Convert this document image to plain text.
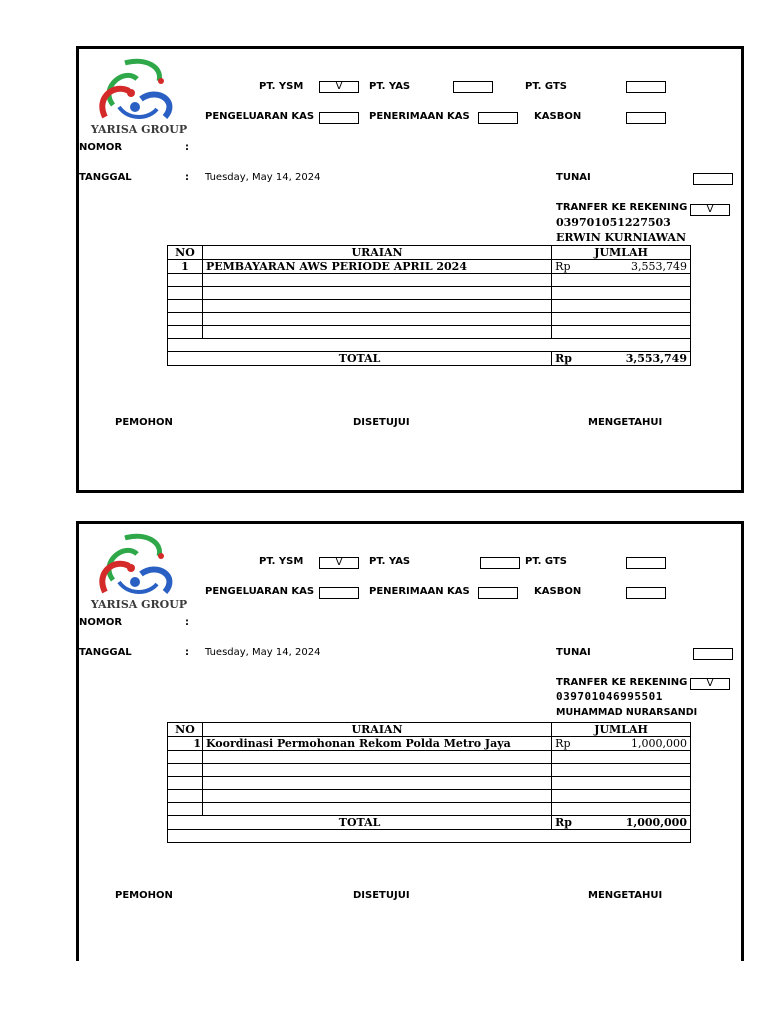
YARISA GROUP
PT. YSM	V	PT. YAS	PT. GTS
PENGELUARAN KAS	PENERIMAAN KAS	KASBON
NOMOR	:
TANGGAL	: Tuesday, May 14, 2024	TUNAI
TRANFER KE REKENING	V
039701051227503
ERWIN KURNIAWAN
NO	URAIAN	JUMLAH
1	PEMBAYARAN AWS PERIODE APRIL 2024	Rp 3,553,749

TOTAL		Rp 3,553,749
PEMOHON	DISETUJUI	MENGETAHUI
YARISA GROUP
PT. YSM	V	PT. YAS	PT. GTS
PENGELUARAN KAS	PENERIMAAN KAS	KASBON
NOMOR	:
TANGGAL	: Tuesday, May 14, 2024	TUNAI
TRANFER KE REKENING	V
039701046995501
MUHAMMAD NURARSANDI
NO	URAIAN	JUMLAH
1	Koordinasi Permohonan Rekom Polda Metro Jaya	Rp 1,000,000

TOTAL		Rp 1,000,000

PEMOHON	DISETUJUI	MENGETAHUI
